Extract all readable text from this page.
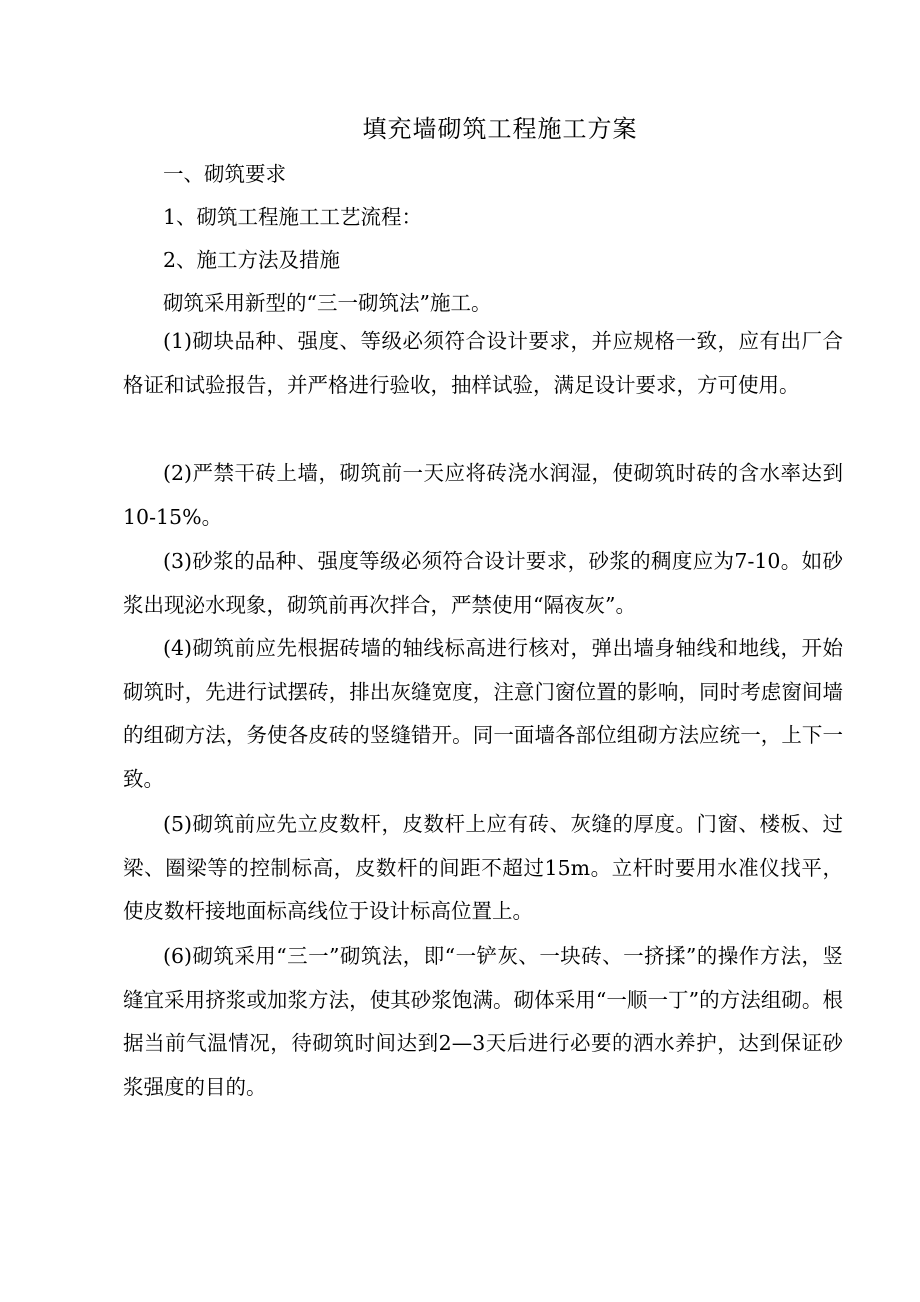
填充墙砌筑工程施工方案
一、砌筑要求
1、砌筑工程施工工艺流程：
2、施工方法及措施
砌筑采用新型的“三一砌筑法”施工。
(1)砌块品种、强度、等级必须符合设计要求，并应规格一致，应有出厂合格证和试验报告，并严格进行验收，抽样试验，满足设计要求，方可使用。
(2)严禁干砖上墙，砌筑前一天应将砖浇水润湿，使砌筑时砖的含水率达到10-15%。
(3)砂浆的品种、强度等级必须符合设计要求，砂浆的稠度应为7-10。如砂浆出现泌水现象，砌筑前再次拌合，严禁使用“隔夜灰”。
(4)砌筑前应先根据砖墙的轴线标高进行核对，弹出墙身轴线和地线，开始砌筑时，先进行试摆砖，排出灰缝宽度，注意门窗位置的影响，同时考虑窗间墙的组砌方法，务使各皮砖的竖缝错开。同一面墙各部位组砌方法应统一，上下一致。
(5)砌筑前应先立皮数杆，皮数杆上应有砖、灰缝的厚度。门窗、楼板、过梁、圈梁等的控制标高，皮数杆的间距不超过15m。立杆时要用水准仪找平，使皮数杆接地面标高线位于设计标高位置上。
(6)砌筑采用“三一”砌筑法，即“一铲灰、一块砖、一挤揉”的操作方法，竖缝宜采用挤浆或加浆方法，使其砂浆饱满。砌体采用“一顺一丁”的方法组砌。根据当前气温情况，待砌筑时间达到2—3天后进行必要的洒水养护，达到保证砂浆强度的目的。
